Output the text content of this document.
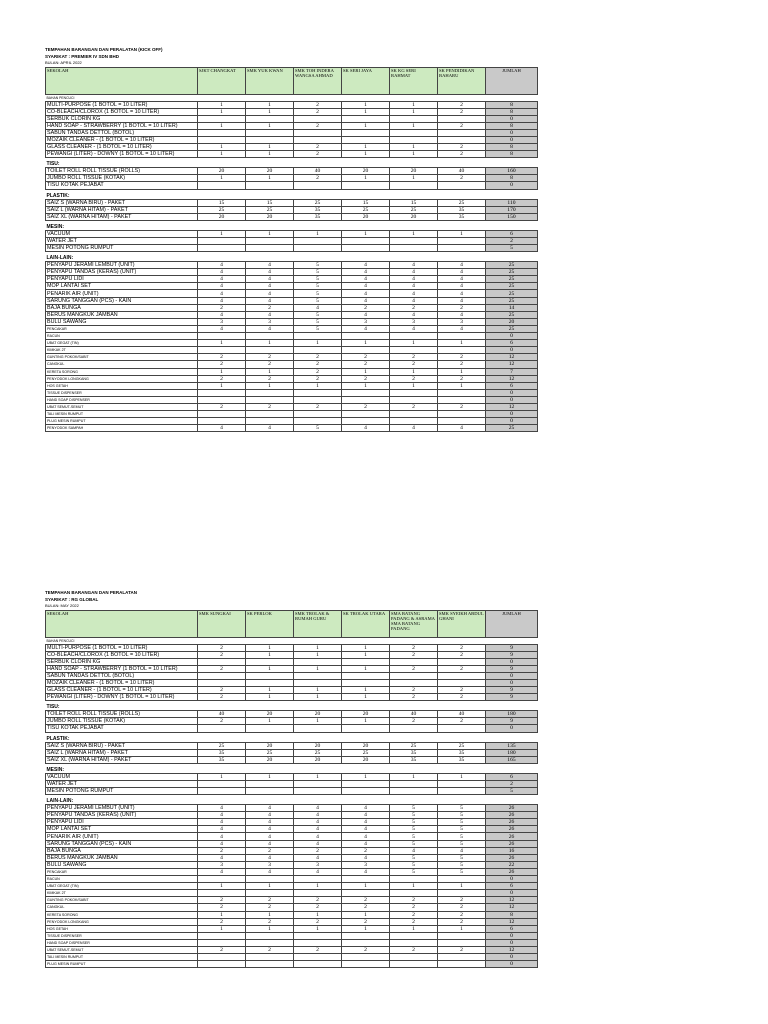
TEMPAHAN BARANGAN DAN PERALATAN (KICK OFF)
SYARIKAT : PREMIER IV SDN BHD
BULAN: APRIL 2022
SEKOLAH	SJKT CHANGKAT	SMK YUK KWAN	SMK TOH INDERA WANGSA AHMAD	SK SERI JAYA	SK KG SERI RAHMAT	SK PENDIDIKAN BAHARU	JUMLAH
BAHAN PENCUCI							
MULTI-PURPOSE (1 BOTOL = 10 LITER)	1	1	2	1	1	2	8
CO-BLEACH/CLOROX (1 BOTOL = 10 LITER)	1	1	2	1	1	2	8
SERBUK CLORIN KG							0
HAND SOAP - STRAWBERRY (1 BOTOL = 10 LITER)	1	1	2	1	1	2	8
SABUN TANDAS DETTOL (BOTOL)							0
MOZAIK CLEANER - (1 BOTOL = 10 LITER)							0
GLASS CLEANER - (1 BOTOL = 10 LITER)	1	1	2	1	1	2	8
PEWANGI (LITER) - DOWNY (1 BOTOL = 10 LITER)	1	1	2	1	1	2	8

TISU:							
TOILET ROLL ROLL TISSUE (ROLLS)	20	20	40	20	20	40	160
JUMBO ROLL TISSUE (KOTAK)	1	1	2	1	1	2	8
TISU KOTAK PEJABAT							0

PLASTIK:							
SAIZ S (WARNA BIRU) - PAKET	15	15	25	15	15	25	110
SAIZ L (WARNA HITAM) - PAKET	25	25	35	25	25	35	170
SAIZ XL (WARNA HITAM) - PAKET	20	20	35	20	20	35	150

MESIN:							
VACUUM	1	1	1	1	1	1	6
WATER JET							2
MESIN POTONG RUMPUT							5

LAIN-LAIN:							
PENYAPU JERAMI LEMBUT (UNIT)	4	4	5	4	4	4	25
PENYAPU TANDAS (KERAS) (UNIT)	4	4	5	4	4	4	25
PENYAPU LIDI	4	4	5	4	4	4	25
MOP LANTAI SET	4	4	5	4	4	4	25
PENARIK AIR (UNIT)	4	4	5	4	4	4	25
SARUNG TANGGAN (PCS) - KAIN	4	4	5	4	4	4	25
BAJA BUNGA	2	2	4	2	2	2	14
BERUS MANGKUK JAMBAN	4	4	5	4	4	4	25
BULU SAWANG	3	3	5	3	3	3	20
PENCAKAR	4	4	5	4	4	4	25
RACUN							0
UBAT GEGAT (TIN)	1	1	1	1	1	1	6
KIMKAK 2T							0
GUNTING POKOK/SABIT	2	2	2	2	2	2	12
CANGKUL	2	2	2	2	2	2	12
KERETA SORONG	1	1	2	1	1	1	7
PENYODOK LONGKANG	2	2	2	2	2	2	12
HOS GETAH	1	1	1	1	1	1	6
TISSUE DISPENSER							0
HAND SOAP DISPENSER							0
UBAT SEMUT-SEMUT	2	2	2	2	2	2	12
TALI MESIN RUMPUT							0
PLUG MESIN RUMPUT							0
PENYODOK SAMPAH	4	4	5	4	4	4	25

TEMPAHAN BARANGAN DAN PERALATAN
SYARIKAT : RG GLOBAL
BULAN: MAY 2022
SEKOLAH	SMK SUNGKAI	SK PERLOK	SMK TROLAK & RUMAH GURU	SK TROLAK UTARA	SMA BATANG PADANG & ASRAMA SMA BATANG PADANG	SMK SYEIKH ABDUL GHANI	JUMLAH
BAHAN PENCUCI							
MULTI-PURPOSE (1 BOTOL = 10 LITER)	2	1	1	1	2	2	9
CO-BLEACH/CLOROX (1 BOTOL = 10 LITER)	2	1	1	1	2	2	9
SERBUK CLORIN KG							0
HAND SOAP - STRAWBERRY (1 BOTOL = 10 LITER)	2	1	1	1	2	2	9
SABUN TANDAS DETTOL (BOTOL)							0
MOZAIK CLEANER - (1 BOTOL = 10 LITER)							0
GLASS CLEANER - (1 BOTOL = 10 LITER)	2	1	1	1	2	2	9
PEWANGI (LITER) - DOWNY (1 BOTOL = 10 LITER)	2	1	1	1	2	2	9

TISU:							
TOILET ROLL ROLL TISSUE (ROLLS)	40	20	20	20	40	40	180
JUMBO ROLL TISSUE (KOTAK)	2	1	1	1	2	2	9
TISU KOTAK PEJABAT							0

PLASTIK:							
SAIZ S (WARNA BIRU) - PAKET	25	20	20	20	25	25	135
SAIZ L (WARNA HITAM) - PAKET	35	25	25	25	35	35	180
SAIZ XL (WARNA HITAM) - PAKET	35	20	20	20	35	35	165

MESIN:							
VACUUM	1	1	1	1	1	1	6
WATER JET							2
MESIN POTONG RUMPUT							5

LAIN-LAIN:							
PENYAPU JERAMI LEMBUT (UNIT)	4	4	4	4	5	5	26
PENYAPU TANDAS (KERAS) (UNIT)	4	4	4	4	5	5	26
PENYAPU LIDI	4	4	4	4	5	5	26
MOP LANTAI SET	4	4	4	4	5	5	26
PENARIK AIR (UNIT)	4	4	4	4	5	5	26
SARUNG TANGGAN (PCS) - KAIN	4	4	4	4	5	5	26
BAJA BUNGA	2	2	2	2	4	4	16
BERUS MANGKUK JAMBAN	4	4	4	4	5	5	26
BULU SAWANG	3	3	3	3	5	5	22
PENCAKAR	4	4	4	4	5	5	26
RACUN							0
UBAT GEGAT (TIN)	1	1	1	1	1	1	6
KIMKAK 2T							0
GUNTING POKOK/SABIT	2	2	2	2	2	2	12
CANGKUL	2	2	2	2	2	2	12
KERETA SORONG	1	1	1	1	2	2	8
PENYODOK LONGKANG	2	2	2	2	2	2	12
HOS GETAH	1	1	1	1	1	1	6
TISSUE DISPENSER							0
HAND SOAP DISPENSER							0
UBAT SEMUT-SEMUT	2	2	2	2	2	2	12
TALI MESIN RUMPUT							0
PLUG MESIN RUMPUT							0
